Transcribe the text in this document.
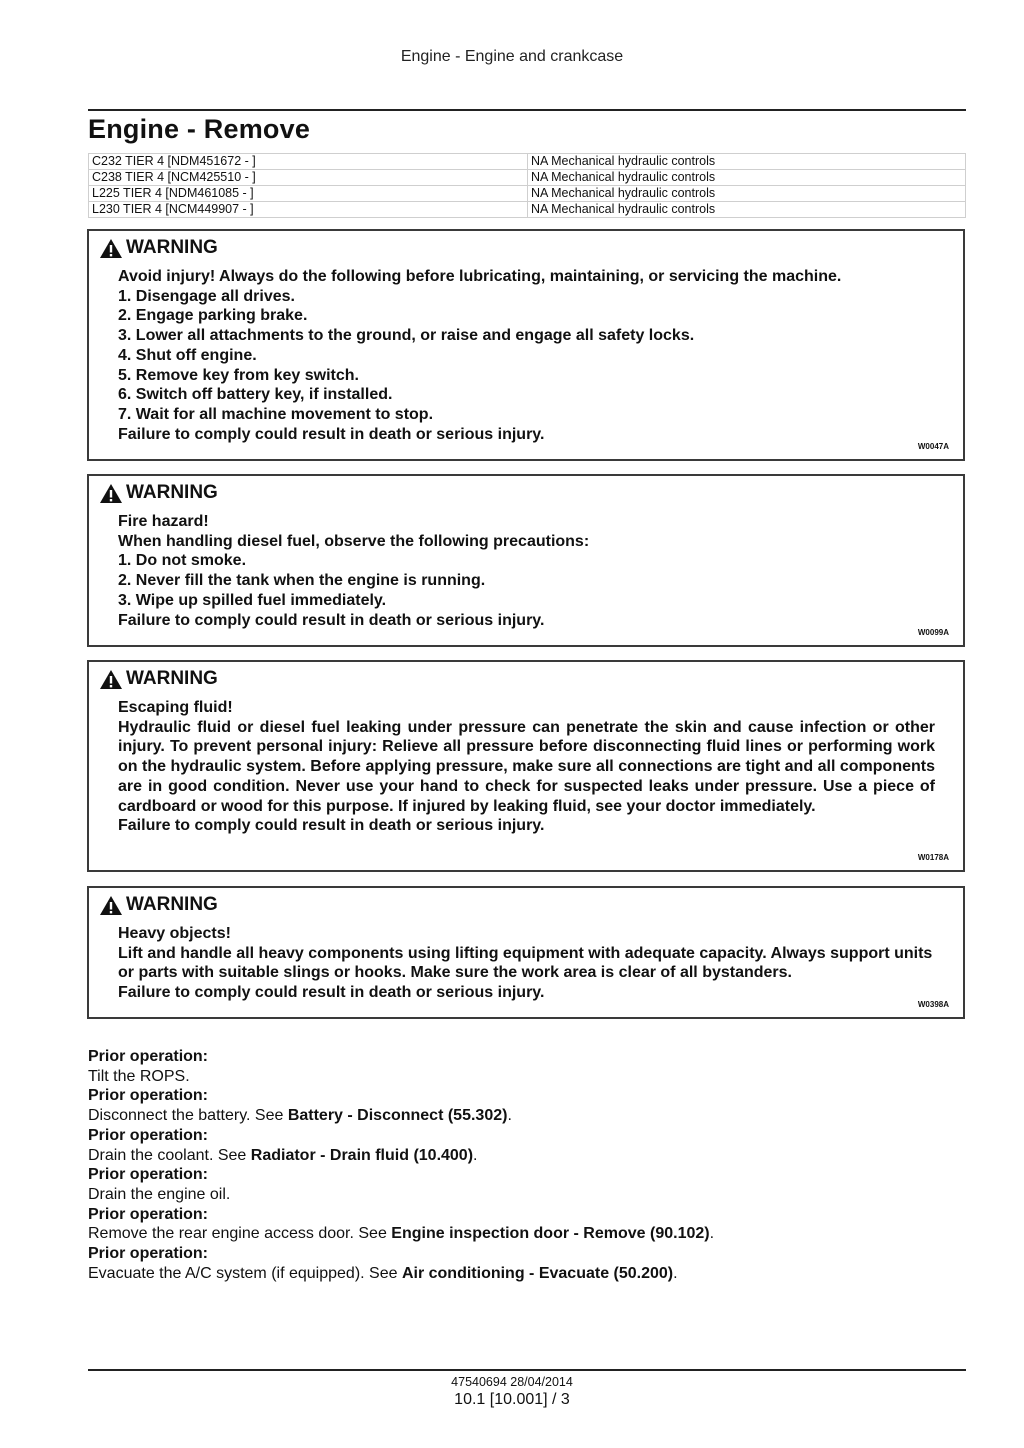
Engine - Engine and crankcase
Engine - Remove
C232 TIER 4 [NDM451672 - ]	NA Mechanical hydraulic controls
C238 TIER 4 [NCM425510 - ]	NA Mechanical hydraulic controls
L225 TIER 4 [NDM461085 - ]	NA Mechanical hydraulic controls
L230 TIER 4 [NCM449907 - ]	NA Mechanical hydraulic controls
WARNING

Avoid injury! Always do the following before lubricating, maintaining, or servicing the machine.

1. Disengage all drives.

2. Engage parking brake.

3. Lower all attachments to the ground, or raise and engage all safety locks.

4. Shut off engine.

5. Remove key from key switch.

6. Switch off battery key, if installed.

7. Wait for all machine movement to stop.

Failure to comply could result in death or serious injury.

W0047A
WARNING

Fire hazard!

When handling diesel fuel, observe the following precautions:

1. Do not smoke.

2. Never fill the tank when the engine is running.

3. Wipe up spilled fuel immediately.

Failure to comply could result in death or serious injury.

W0099A
WARNING

Escaping fluid!

Hydraulic fluid or diesel fuel leaking under pressure can penetrate the skin and cause infection or other injury. To prevent personal injury: Relieve all pressure before disconnecting fluid lines or performing work on the hydraulic system. Before applying pressure, make sure all connections are tight and all components are in good condition. Never use your hand to check for suspected leaks under pressure. Use a piece of cardboard or wood for this purpose. If injured by leaking fluid, see your doctor immediately.

Failure to comply could result in death or serious injury.

W0178A
WARNING

Heavy objects!

Lift and handle all heavy components using lifting equipment with adequate capacity. Always support units or parts with suitable slings or hooks. Make sure the work area is clear of all bystanders.

Failure to comply could result in death or serious injury.

W0398A

Prior operation:

Tilt the ROPS.

Prior operation:

Disconnect the battery. See Battery - Disconnect (55.302).

Prior operation:

Drain the coolant. See Radiator - Drain fluid (10.400).

Prior operation:

Drain the engine oil.

Prior operation:

Remove the rear engine access door. See Engine inspection door - Remove (90.102).

Prior operation:

Evacuate the A/C system (if equipped). See Air conditioning - Evacuate (50.200).

47540694 28/04/2014
10.1 [10.001] / 3
